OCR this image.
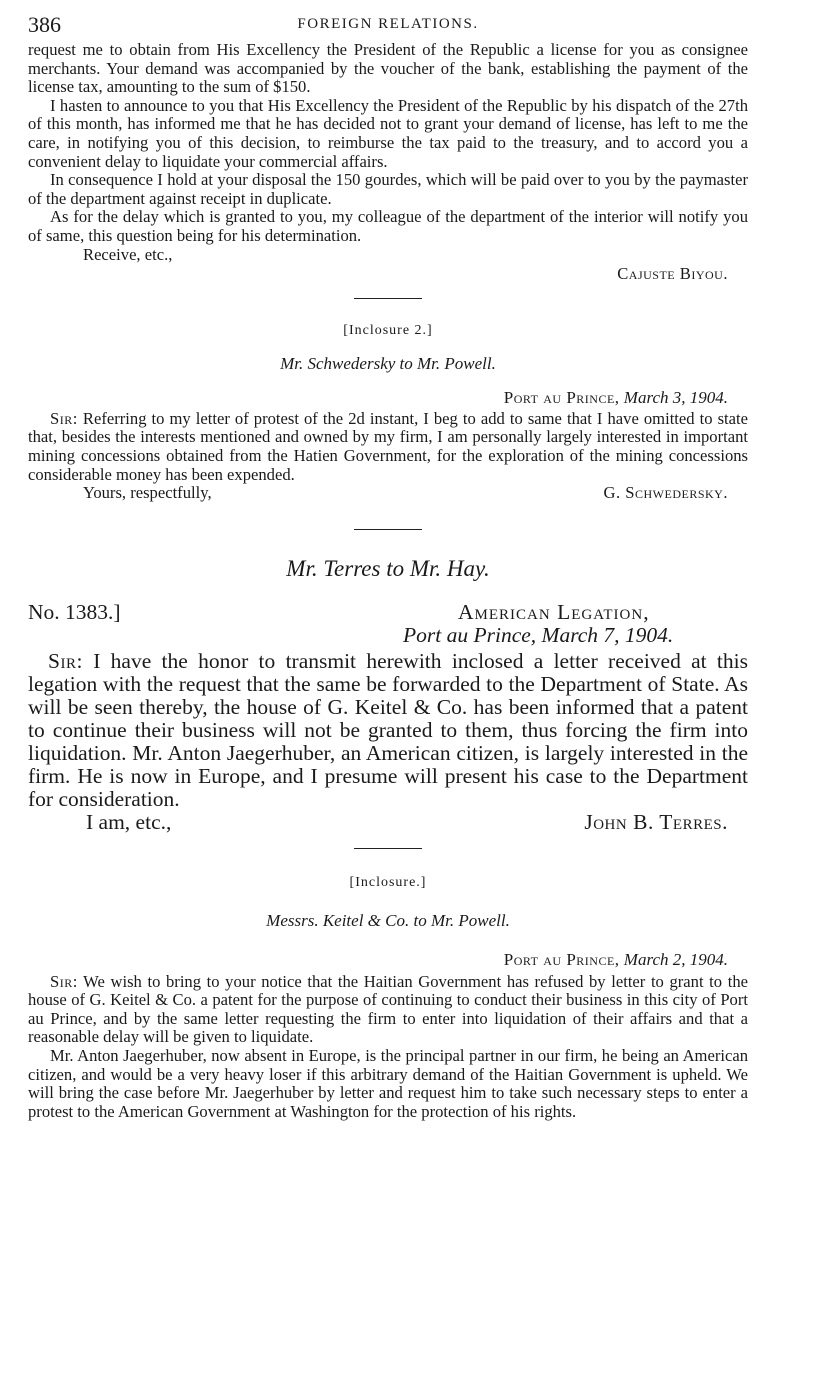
386	FOREIGN RELATIONS.

request me to obtain from His Excellency the President of the Republic a license for you as consignee merchants. Your demand was accompanied by the voucher of the bank, establishing the payment of the license tax, amounting to the sum of $150.

I hasten to announce to you that His Excellency the President of the Republic by his dispatch of the 27th of this month, has informed me that he has decided not to grant your demand of license, has left to me the care, in notifying you of this decision, to reimburse the tax paid to the treasury, and to accord you a convenient delay to liquidate your commercial affairs.

In consequence I hold at your disposal the 150 gourdes, which will be paid over to you by the paymaster of the department against receipt in duplicate.

As for the delay which is granted to you, my colleague of the department of the interior will notify you of same, this question being for his determination.

Receive, etc.,
Cajuste Biyou.
[Inclosure 2.]
Mr. Schwedersky to Mr. Powell.
Port au Prince, March 3, 1904.

Sir: Referring to my letter of protest of the 2d instant, I beg to add to same that I have omitted to state that, besides the interests mentioned and owned by my firm, I am personally largely interested in important mining concessions obtained from the Hatien Government, for the exploration of the mining concessions considerable money has been expended.

Yours, respectfully,	G. Schwedersky.
Mr. Terres to Mr. Hay.
No. 1383.]	American Legation,
Port au Prince, March 7, 1904.

Sir: I have the honor to transmit herewith inclosed a letter received at this legation with the request that the same be forwarded to the Department of State. As will be seen thereby, the house of G. Keitel & Co. has been informed that a patent to continue their business will not be granted to them, thus forcing the firm into liquidation. Mr. Anton Jaegerhuber, an American citizen, is largely interested in the firm. He is now in Europe, and I presume will present his case to the Department for consideration.

I am, etc.,	John B. Terres.
[Inclosure.]
Messrs. Keitel & Co. to Mr. Powell.
Port au Prince, March 2, 1904.

Sir: We wish to bring to your notice that the Haitian Government has refused by letter to grant to the house of G. Keitel & Co. a patent for the purpose of continuing to conduct their business in this city of Port au Prince, and by the same letter requesting the firm to enter into liquidation of their affairs and that a reasonable delay will be given to liquidate.

Mr. Anton Jaegerhuber, now absent in Europe, is the principal partner in our firm, he being an American citizen, and would be a very heavy loser if this arbitrary demand of the Haitian Government is upheld. We will bring the case before Mr. Jaegerhuber by letter and request him to take such necessary steps to enter a protest to the American Government at Washington for the protection of his rights.
